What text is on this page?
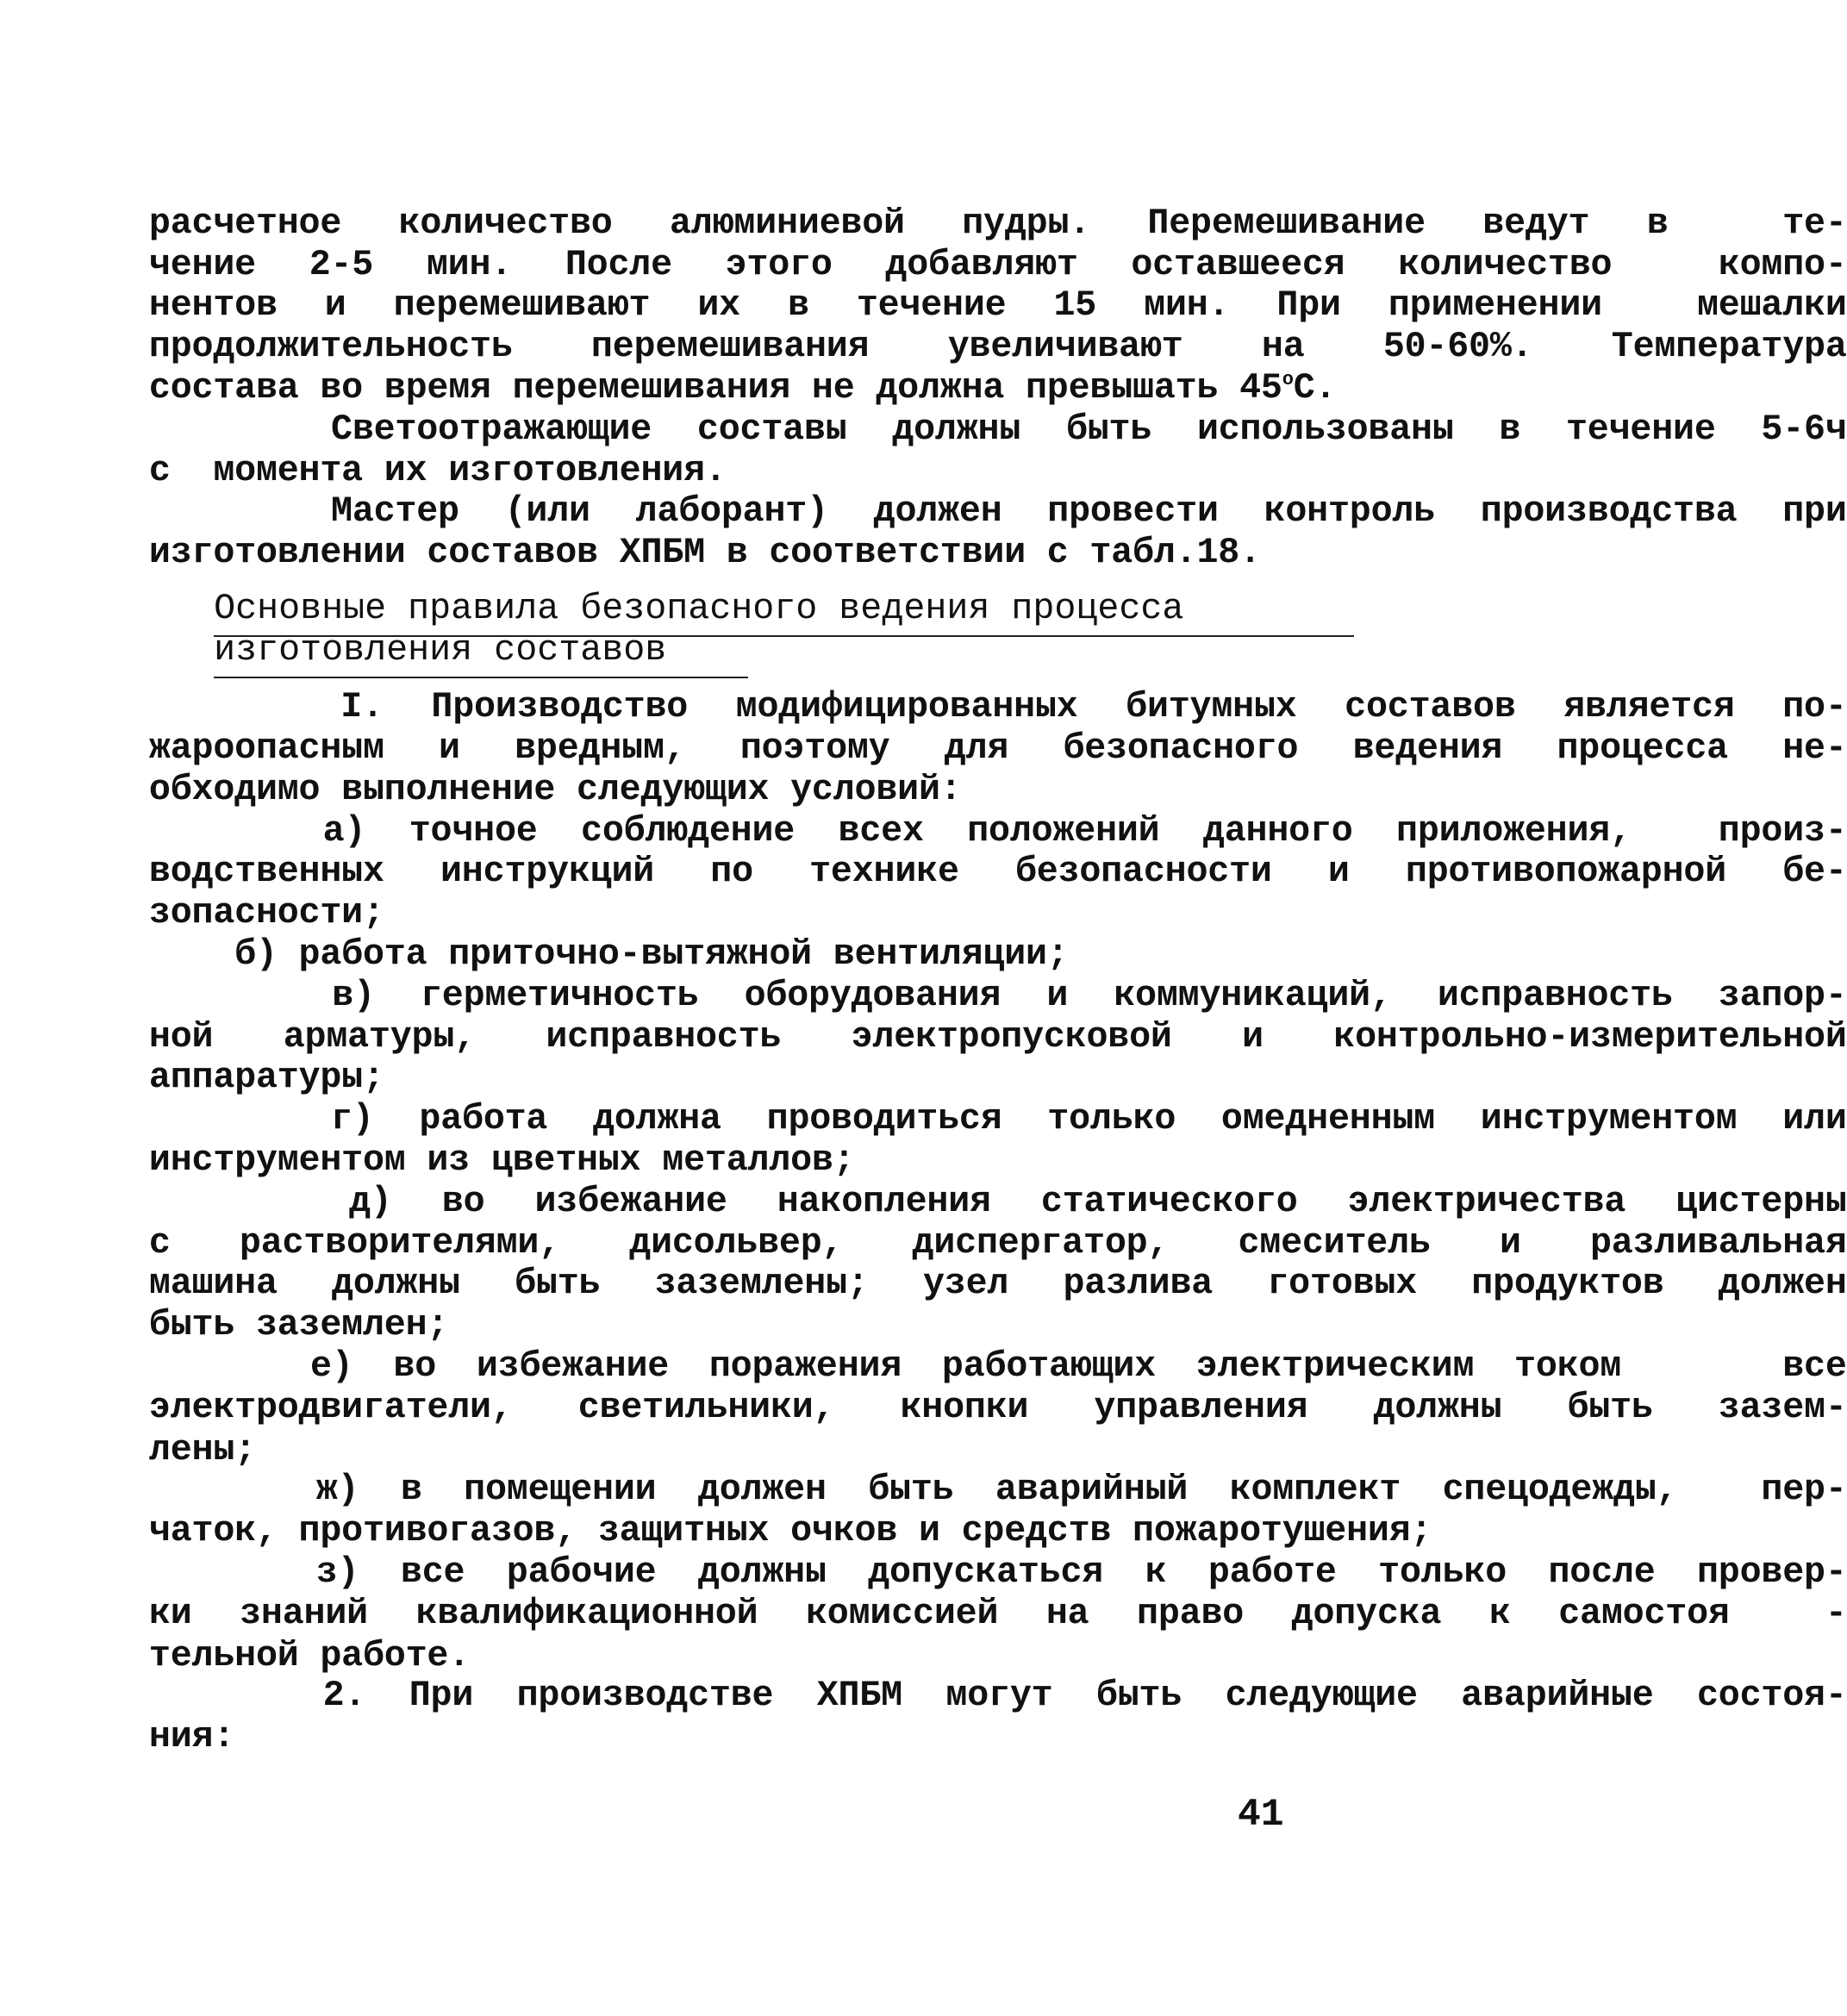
расчетное количество алюминиевой пудры. Перемешивание ведут в  те-
чение 2-5 мин. После этого добавляют оставшееся количество  компо-
нентов и перемешивают их в течение 15 мин. При применении  мешалки
продолжительность перемешивания увеличивают на 50-60%. Температура
состава во время перемешивания не должна превышать 45$^o$С.
Светоотражающие составы должны быть использованы в течение 5-6ч
с  момента их изготовления.
Мастер (или лаборант) должен провести контроль производства при
изготовлении составов ХПБМ в соответствии с табл.18.
Основные правила безопасного ведения процесса
изготовления составов
I. Производство модифицированных битумных составов является по-
жароопасным и вредным, поэтому для безопасного ведения процесса не-
обходимо выполнение следующих условий:
а) точное соблюдение всех положений данного приложения,  произ-
водственных инструкций по технике безопасности и противопожарной бе-
зопасности;
б) работа приточно-вытяжной вентиляции;
в) герметичность оборудования и коммуникаций, исправность запор-
ной арматуры, исправность электропусковой и контрольно-измерительной
аппаратуры;
г) работа должна проводиться только омедненным инструментом или
инструментом из цветных металлов;
д) во избежание накопления статического электричества цистерны
с растворителями, дисольвер, диспергатор, смеситель и разливальная
машина должны быть заземлены; узел разлива готовых продуктов должен
быть заземлен;
е) во избежание поражения работающих электрическим током    все
электродвигатели, светильники, кнопки управления должны быть зазем-
лены;
ж) в помещении должен быть аварийный комплект спецодежды,  пер-
чаток, противогазов, защитных очков и средств пожаротушения;
з) все рабочие должны допускаться к работе только после провер-
ки знаний квалификационной комиссией на право допуска к самостоя  -
тельной работе.
2. При производстве ХПБМ могут быть следующие аварийные состоя-
ния:
41
